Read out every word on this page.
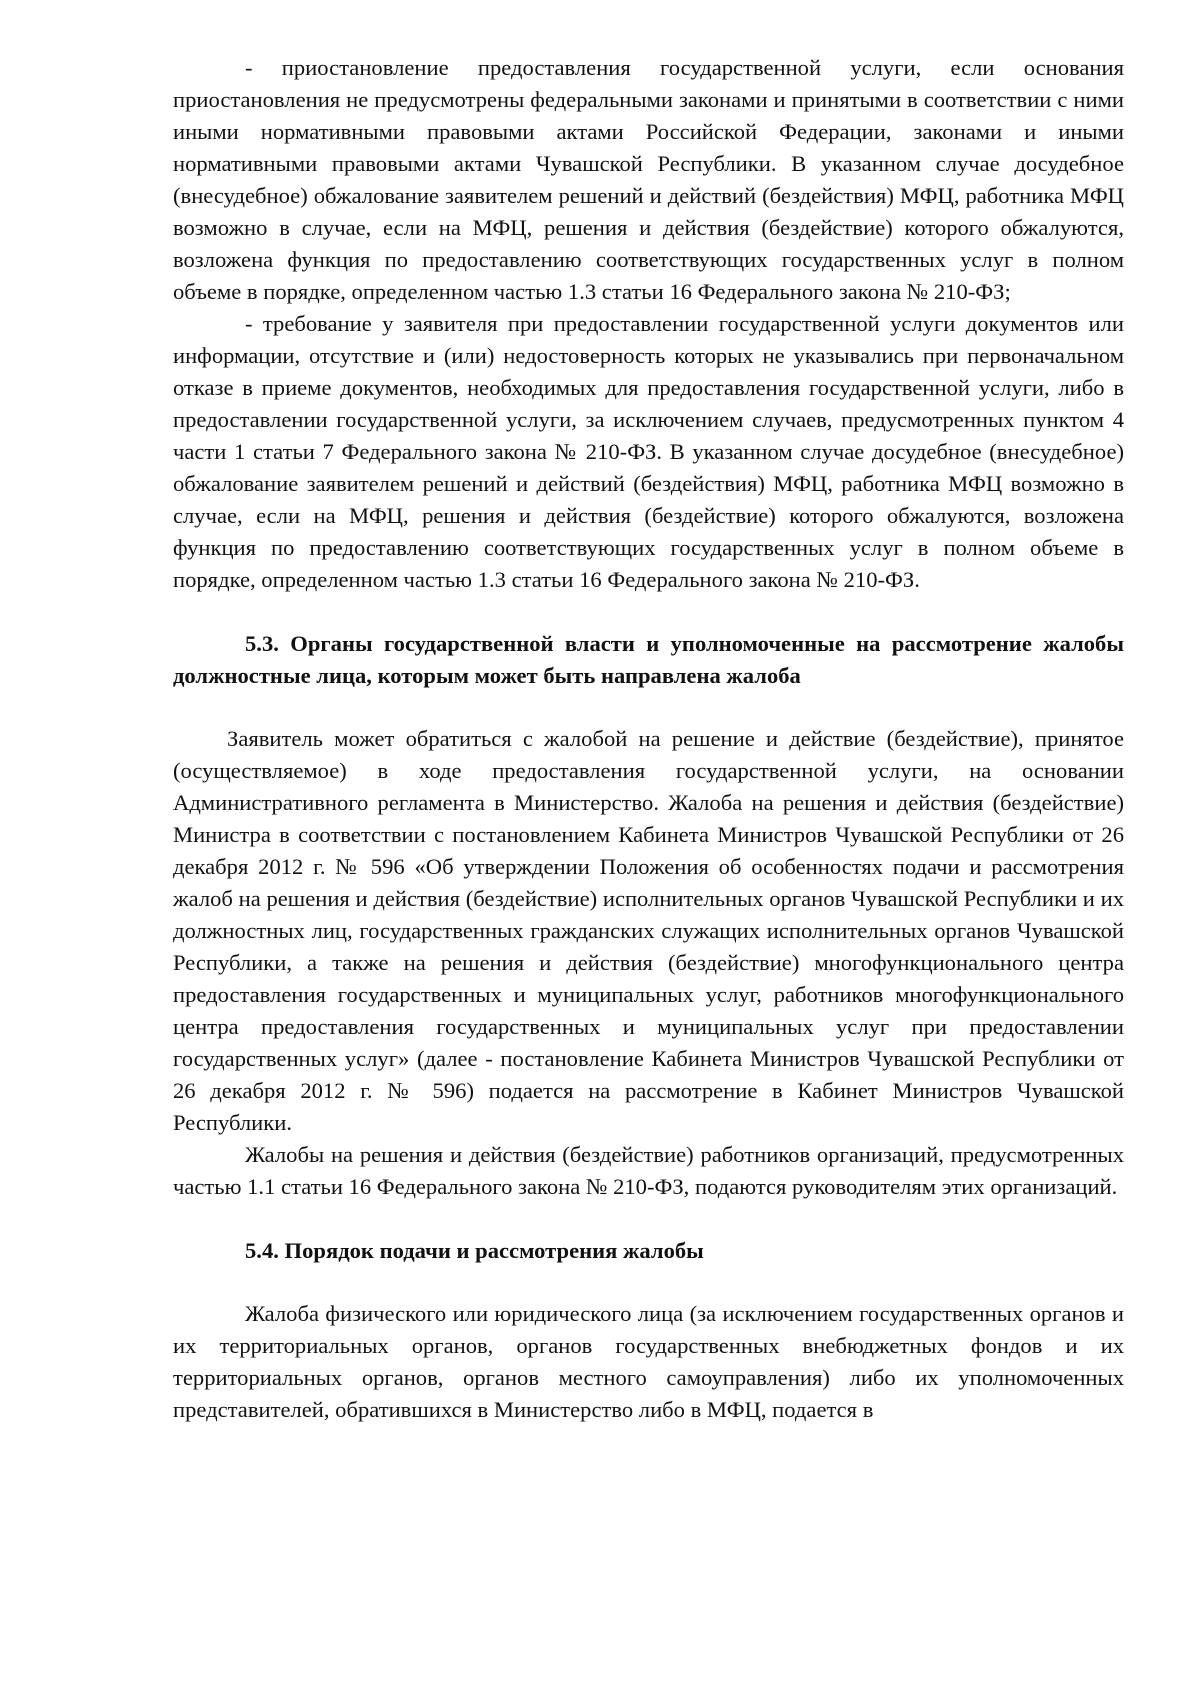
- приостановление предоставления государственной услуги, если основания приостановления не предусмотрены федеральными законами и принятыми в соответствии с ними иными нормативными правовыми актами Российской Федерации, законами и иными нормативными правовыми актами Чувашской Республики. В указанном случае досудебное (внесудебное) обжалование заявителем решений и действий (бездействия) МФЦ, работника МФЦ возможно в случае, если на МФЦ, решения и действия (бездействие) которого обжалуются, возложена функция по предоставлению соответствующих государственных услуг в полном объеме в порядке, определенном частью 1.3 статьи 16 Федерального закона № 210-ФЗ;

- требование у заявителя при предоставлении государственной услуги документов или информации, отсутствие и (или) недостоверность которых не указывались при первоначальном отказе в приеме документов, необходимых для предоставления государственной услуги, либо в предоставлении государственной услуги, за исключением случаев, предусмотренных пунктом 4 части 1 статьи 7 Федерального закона № 210-ФЗ. В указанном случае досудебное (внесудебное) обжалование заявителем решений и действий (бездействия) МФЦ, работника МФЦ возможно в случае, если на МФЦ, решения и действия (бездействие) которого обжалуются, возложена функция по предоставлению соответствующих государственных услуг в полном объеме в порядке, определенном частью 1.3 статьи 16 Федерального закона № 210-ФЗ.

5.3. Органы государственной власти и уполномоченные на рассмотрение жалобы должностные лица, которым может быть направлена жалоба

Заявитель может обратиться с жалобой на решение и действие (бездействие), принятое (осуществляемое) в ходе предоставления государственной услуги, на основании Административного регламента в Министерство. Жалоба на решения и действия (бездействие) Министра в соответствии с постановлением Кабинета Министров Чувашской Республики от 26 декабря 2012 г. № 596 «Об утверждении Положения об особенностях подачи и рассмотрения жалоб на решения и действия (бездействие) исполнительных органов Чувашской Республики и их должностных лиц, государственных гражданских служащих исполнительных органов Чувашской Республики, а также на решения и действия (бездействие) многофункционального центра предоставления государственных и муниципальных услуг, работников многофункционального центра предоставления государственных и муниципальных услуг при предоставлении государственных услуг» (далее - постановление Кабинета Министров Чувашской Республики от 26 декабря 2012 г. № 596) подается на рассмотрение в Кабинет Министров Чувашской Республики.

Жалобы на решения и действия (бездействие) работников организаций, предусмотренных частью 1.1 статьи 16 Федерального закона № 210-ФЗ, подаются руководителям этих организаций.

5.4. Порядок подачи и рассмотрения жалобы

Жалоба физического или юридического лица (за исключением государственных органов и их территориальных органов, органов государственных внебюджетных фондов и их территориальных органов, органов местного самоуправления) либо их уполномоченных представителей, обратившихся в Министерство либо в МФЦ, подается в
